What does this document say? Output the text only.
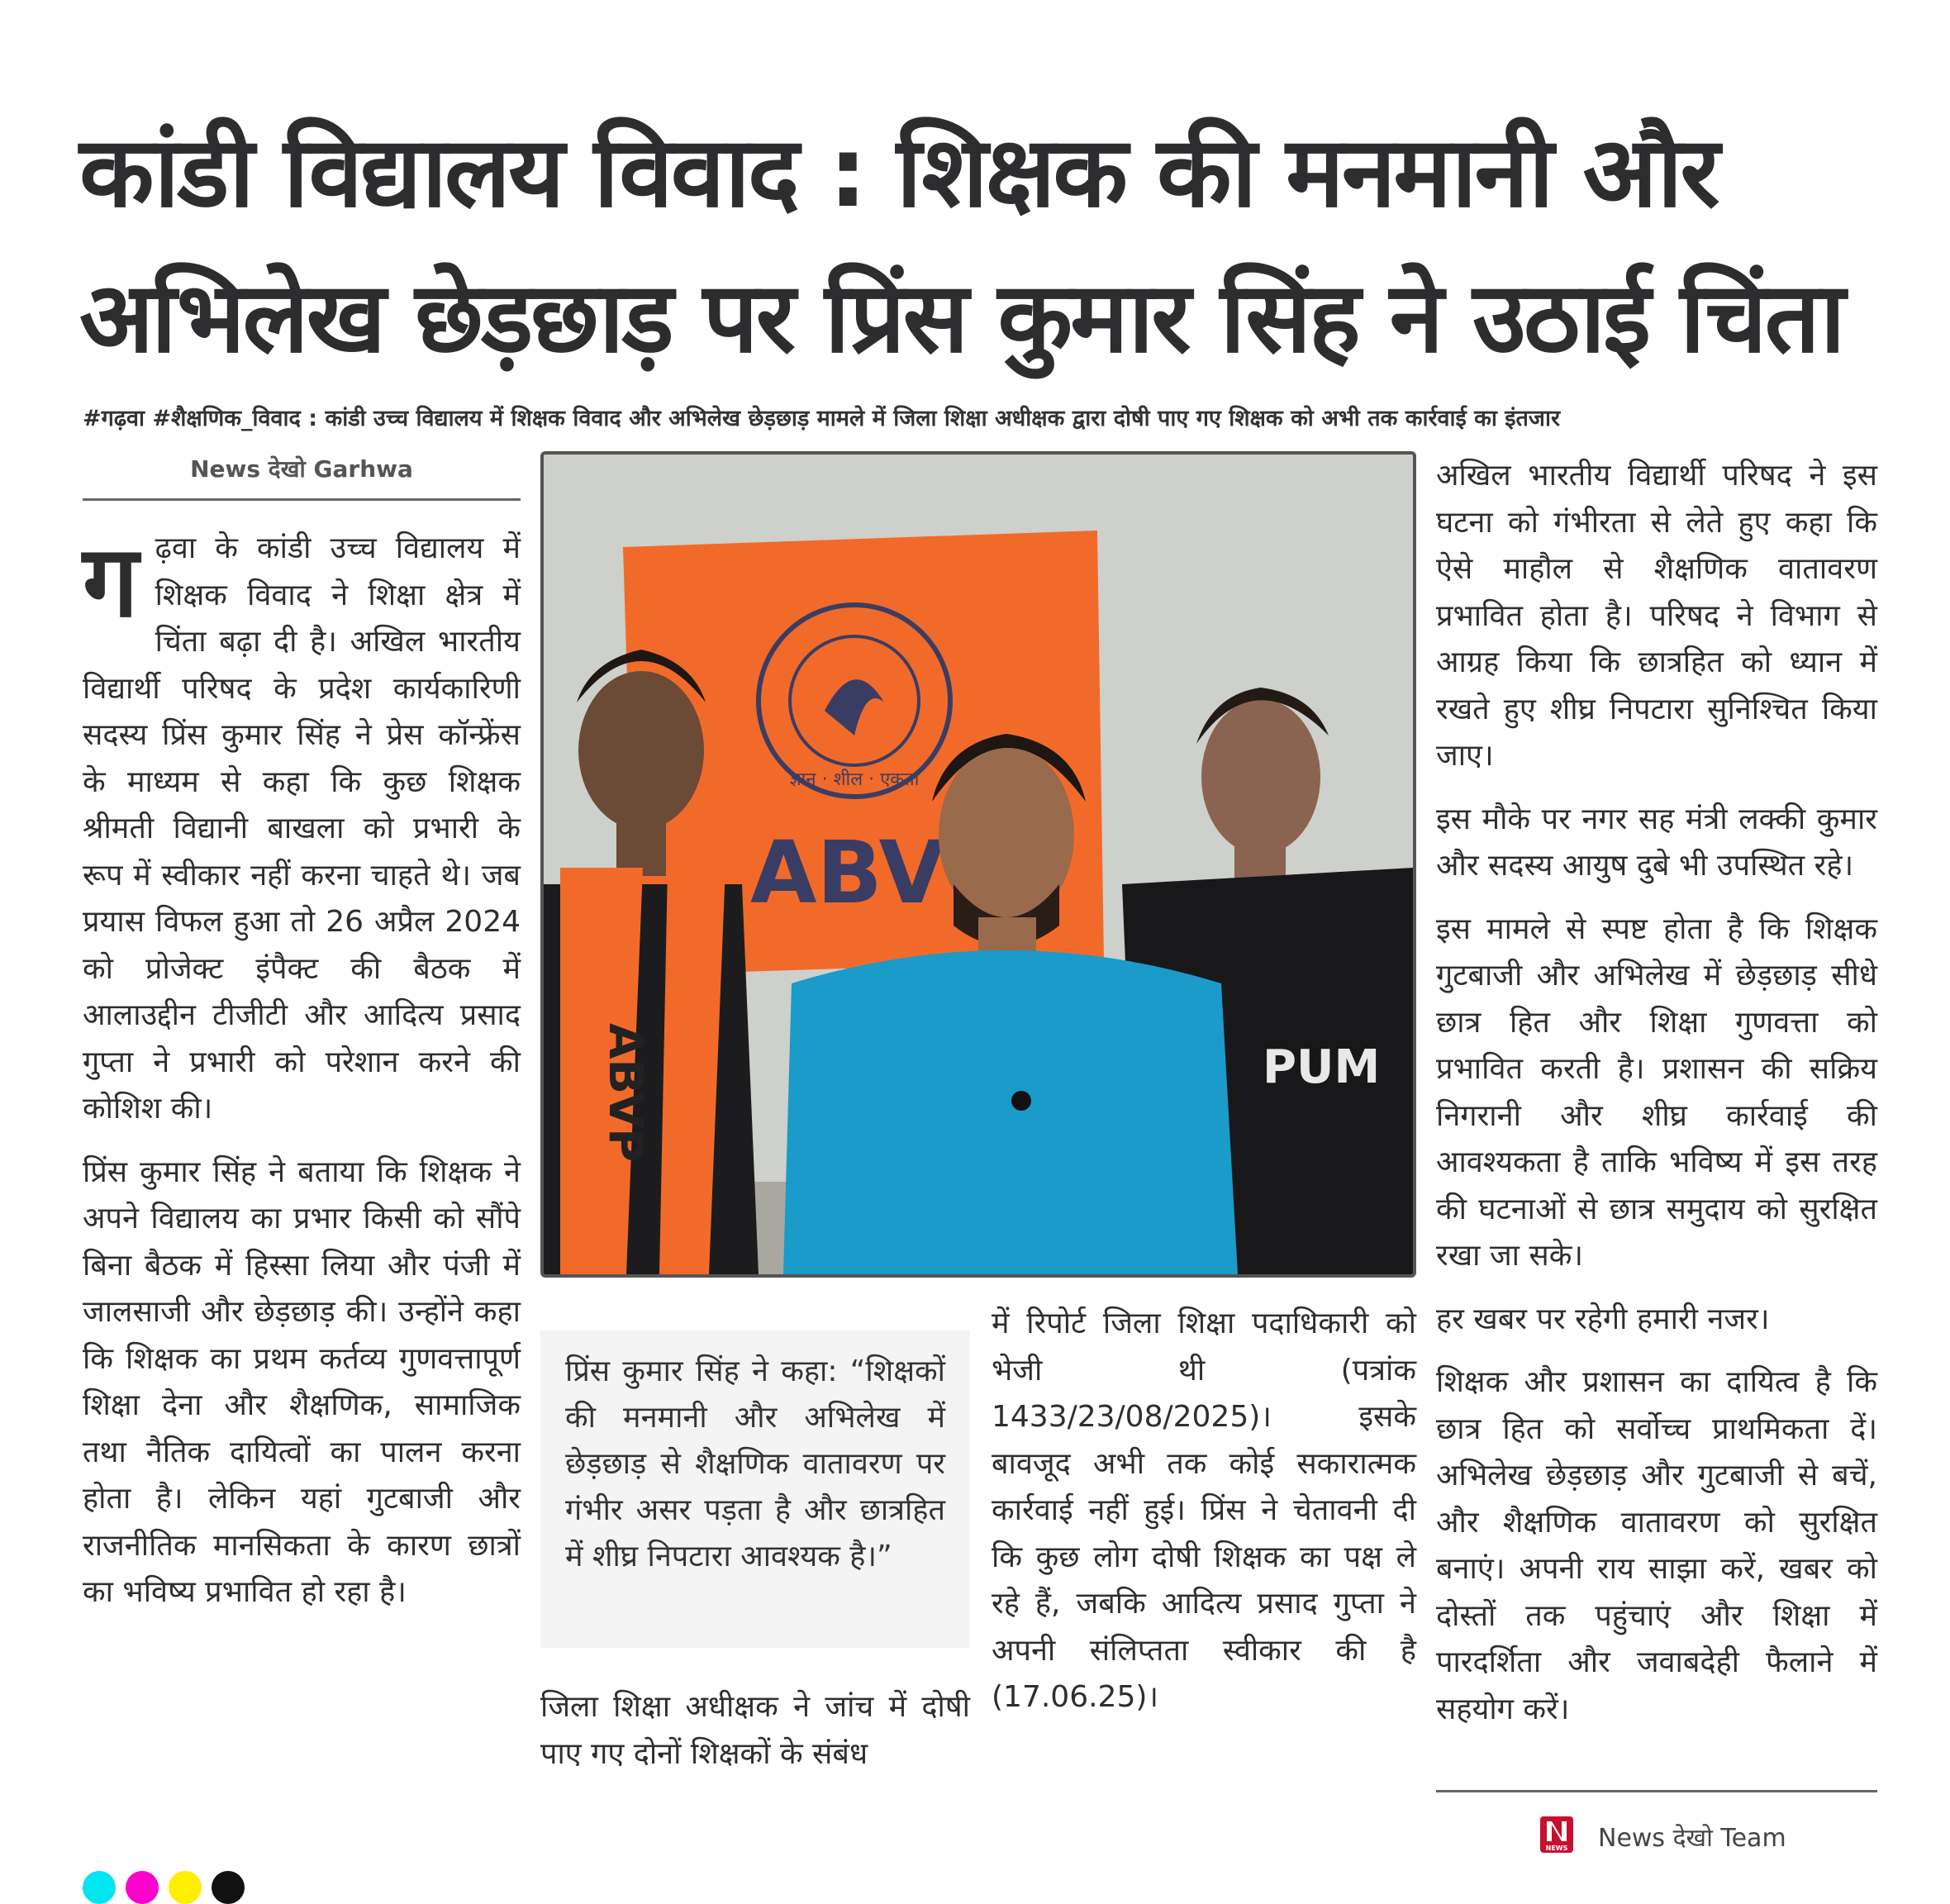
कांडी विद्यालय विवाद : शिक्षक की मनमानी और अभिलेख छेड़छाड़ पर प्रिंस कुमार सिंह ने उठाई चिंता
#गढ़वा #शैक्षणिक_विवाद : कांडी उच्च विद्यालय में शिक्षक विवाद और अभिलेख छेड़छाड़ मामले में जिला शिक्षा अधीक्षक द्वारा दोषी पाए गए शिक्षक को अभी तक कार्रवाई का इंतजार
News देखो Garhwa

गढ़वा के कांडी उच्च विद्यालय में शिक्षक विवाद ने शिक्षा क्षेत्र में चिंता बढ़ा दी है। अखिल भारतीय विद्यार्थी परिषद के प्रदेश कार्यकारिणी सदस्य प्रिंस कुमार सिंह ने प्रेस कॉन्फ्रेंस के माध्यम से कहा कि कुछ शिक्षक श्रीमती विद्यानी बाखला को प्रभारी के रूप में स्वीकार नहीं करना चाहते थे। जब प्रयास विफल हुआ तो 26 अप्रैल 2024 को प्रोजेक्ट इंपैक्ट की बैठक में आलाउद्दीन टीजीटी और आदित्य प्रसाद गुप्ता ने प्रभारी को परेशान करने की कोशिश की।

प्रिंस कुमार सिंह ने बताया कि शिक्षक ने अपने विद्यालय का प्रभार किसी को सौंपे बिना बैठक में हिस्सा लिया और पंजी में जालसाजी और छेड़छाड़ की। उन्होंने कहा कि शिक्षक का प्रथम कर्तव्य गुणवत्तापूर्ण शिक्षा देना और शैक्षणिक, सामाजिक तथा नैतिक दायित्वों का पालन करना होता है। लेकिन यहां गुटबाजी और राजनीतिक मानसिकता के कारण छात्रों का भविष्य प्रभावित हो रहा है।

ज्ञान · शील · एकता
ABV
ABVP	PUM
प्रिंस कुमार सिंह ने कहा: “शिक्षकों की मनमानी और अभिलेख में छेड़छाड़ से शैक्षणिक वातावरण पर गंभीर असर पड़ता है और छात्रहित में शीघ्र निपटारा आवश्यक है।”

जिला शिक्षा अधीक्षक ने जांच में दोषी पाए गए दोनों शिक्षकों के संबंध

में रिपोर्ट जिला शिक्षा पदाधिकारी को भेजी थी (पत्रांक 1433/23/08/2025)। इसके बावजूद अभी तक कोई सकारात्मक कार्रवाई नहीं हुई। प्रिंस ने चेतावनी दी कि कुछ लोग दोषी शिक्षक का पक्ष ले रहे हैं, जबकि आदित्य प्रसाद गुप्ता ने अपनी संलिप्तता स्वीकार की है (17.06.25)।

अखिल भारतीय विद्यार्थी परिषद ने इस घटना को गंभीरता से लेते हुए कहा कि ऐसे माहौल से शैक्षणिक वातावरण प्रभावित होता है। परिषद ने विभाग से आग्रह किया कि छात्रहित को ध्यान में रखते हुए शीघ्र निपटारा सुनिश्चित किया जाए।

इस मौके पर नगर सह मंत्री लक्की कुमार और सदस्य आयुष दुबे भी उपस्थित रहे।

इस मामले से स्पष्ट होता है कि शिक्षक गुटबाजी और अभिलेख में छेड़छाड़ सीधे छात्र हित और शिक्षा गुणवत्ता को प्रभावित करती है। प्रशासन की सक्रिय निगरानी और शीघ्र कार्रवाई की आवश्यकता है ताकि भविष्य में इस तरह की घटनाओं से छात्र समुदाय को सुरक्षित रखा जा सके।

हर खबर पर रहेगी हमारी नजर।

शिक्षक और प्रशासन का दायित्व है कि छात्र हित को सर्वोच्च प्राथमिकता दें। अभिलेख छेड़छाड़ और गुटबाजी से बचें, और शैक्षणिक वातावरण को सुरक्षित बनाएं। अपनी राय साझा करें, खबर को दोस्तों तक पहुंचाएं और शिक्षा में पारदर्शिता और जवाबदेही फैलाने में सहयोग करें।

NEWS News देखो Team
